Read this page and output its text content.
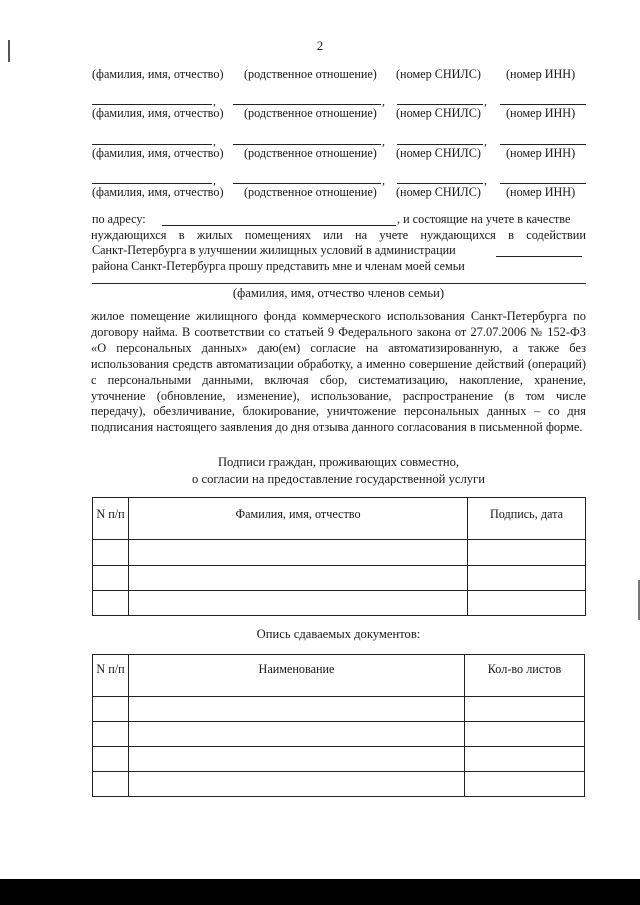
2
(фамилия, имя, отчество) (родственное отношение) (номер СНИЛС) (номер ИНН)
,	,	,
(фамилия, имя, отчество) (родственное отношение) (номер СНИЛС) (номер ИНН)
,	,	,
(фамилия, имя, отчество) (родственное отношение) (номер СНИЛС) (номер ИНН)
,	,	,
(фамилия, имя, отчество) (родственное отношение) (номер СНИЛС) (номер ИНН)
по адресу:	, и состоящие на учете в качестве
нуждающихся в жилых помещениях или на учете нуждающихся в содействии
Санкт-Петербурга в улучшении жилищных условий в администрации
района Санкт-Петербурга прошу представить мне и членам моей семьи
(фамилия, имя, отчество членов семьи)
жилое помещение жилищного фонда коммерческого использования Санкт-Петербурга по договору найма. В соответствии со статьей 9 Федерального закона от 27.07.2006 № 152-ФЗ «О персональных данных» даю(ем) согласие на автоматизированную, а также без использования средств автоматизации обработку, а именно совершение действий (операций) с персональными данными, включая сбор, систематизацию, накопление, хранение, уточнение (обновление, изменение), использование, распространение (в том числе передачу), обезличивание, блокирование, уничтожение персональных данных – со дня подписания настоящего заявления до дня отзыва данного согласования в письменной форме.
Подписи граждан, проживающих совместно,
о согласии на предоставление государственной услуги
N п/п	Фамилия, имя, отчество	Подпись, дата

Опись сдаваемых документов:
N п/п	Наименование	Кол-во листов
